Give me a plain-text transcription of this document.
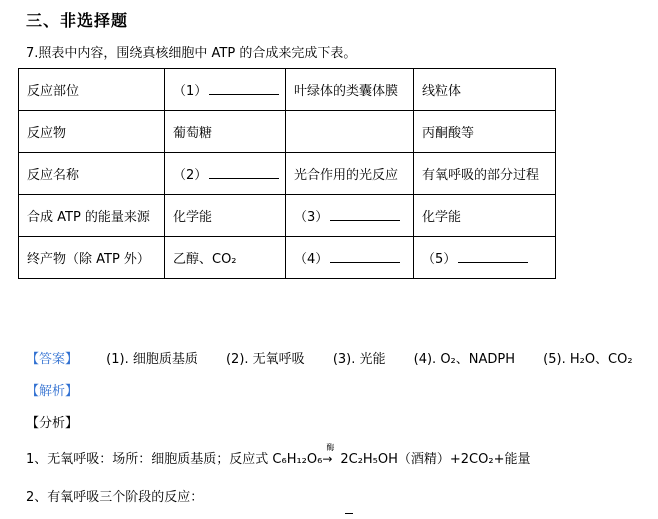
三、非选择题
7.照表中内容，围绕真核细胞中 ATP 的合成来完成下表。
反应部位	（1）	叶绿体的类囊体膜	线粒体
反应物	葡萄糖		丙酮酸等
反应名称	（2）	光合作用的光反应	有氧呼吸的部分过程
合成 ATP 的能量来源	化学能	（3）	化学能
终产物（除 ATP 外）	乙醇、CO₂	（4）	（5）
【答案】 (1). 细胞质基质 (2). 无氧呼吸 (3). 光能 (4). O₂、NADPH (5). H₂O、CO₂
【解析】
【分析】
1、无氧呼吸：场所：细胞质基质；反应式 C₆H₁₂O₆
酶
→ 2C₂H₅OH（酒精）+2CO₂+能量
2、有氧呼吸三个阶段的反应：
